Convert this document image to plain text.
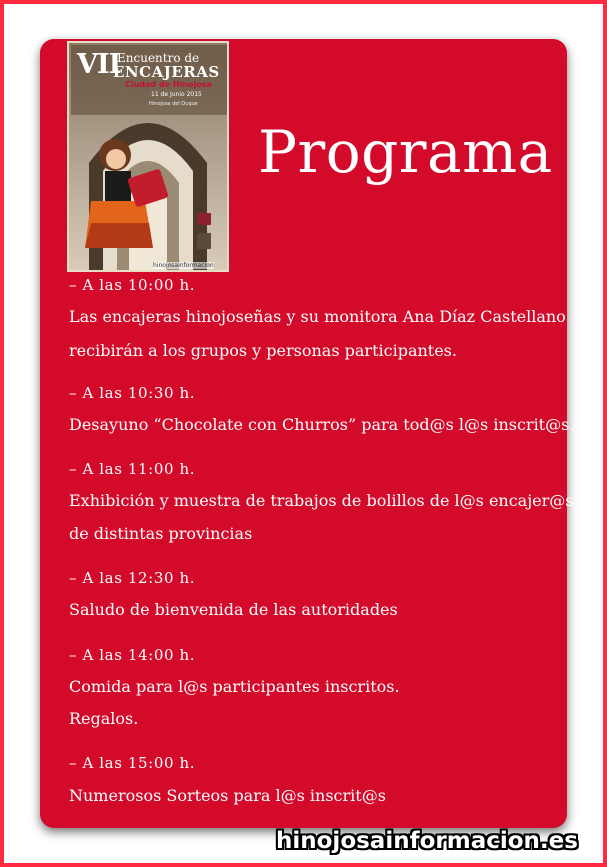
VII
Encuentro de
ENCAJERAS
Ciudad de Hinojosa
11 de Junio 2015
Hinojosa del Duque
hinojosainformacion
Programa
– A las 10:00 h.
Las encajeras hinojoseñas y su monitora Ana Díaz Castellano
recibirán a los grupos y personas participantes.
– A las 10:30 h.
Desayuno “Chocolate con Churros” para tod@s l@s inscrit@s.
– A las 11:00 h.
Exhibición y muestra de trabajos de bolillos de l@s encajer@s
de distintas provincias
– A las 12:30 h.
Saludo de bienvenida de las autoridades
– A las 14:00 h.
Comida para l@s participantes inscritos.
Regalos.
– A las 15:00 h.
Numerosos Sorteos para l@s inscrit@s
hinojosainformacion.es
